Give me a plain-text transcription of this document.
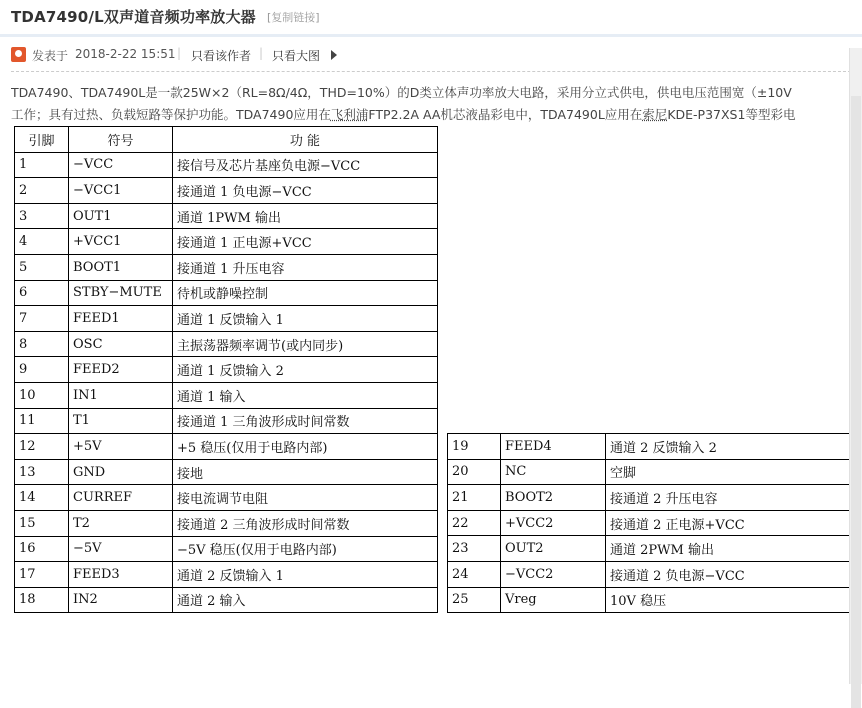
TDA7490/L双声道音频功率放大器 [复制链接]
发表于 2018-2-22 15:51 | 只看该作者 | 只看大图
TDA7490、TDA7490L是一款25W×2（RL=8Ω/4Ω，THD=10%）的D类立体声功率放大电路，采用分立式供电，供电电压范围宽（±10V
工作；具有过热、负载短路等保护功能。TDA7490应用在飞利浦FTP2.2A AA机芯液晶彩电中，TDA7490L应用在索尼KDE-P37XS1等型彩电
引脚	符号	功 能
1	−VCC	接信号及芯片基座负电源−VCC
2	−VCC1	接通道 1 负电源−VCC
3	OUT1	通道 1PWM 输出
4	+VCC1	接通道 1 正电源+VCC
5	BOOT1	接通道 1 升压电容
6	STBY−MUTE	待机或静噪控制
7	FEED1	通道 1 反馈输入 1
8	OSC	主振荡器频率调节(或内同步)
9	FEED2	通道 1 反馈输入 2
10	IN1	通道 1 输入
11	T1	接通道 1 三角波形成时间常数
12	+5V	+5 稳压(仅用于电路内部)
13	GND	接地
14	CURREF	接电流调节电阻
15	T2	接通道 2 三角波形成时间常数
16	−5V	−5V 稳压(仅用于电路内部)
17	FEED3	通道 2 反馈输入 1
18	IN2	通道 2 输入
19	FEED4	通道 2 反馈输入 2
20	NC	空脚
21	BOOT2	接通道 2 升压电容
22	+VCC2	接通道 2 正电源+VCC
23	OUT2	通道 2PWM 输出
24	−VCC2	接通道 2 负电源−VCC
25	Vreg	10V 稳压
